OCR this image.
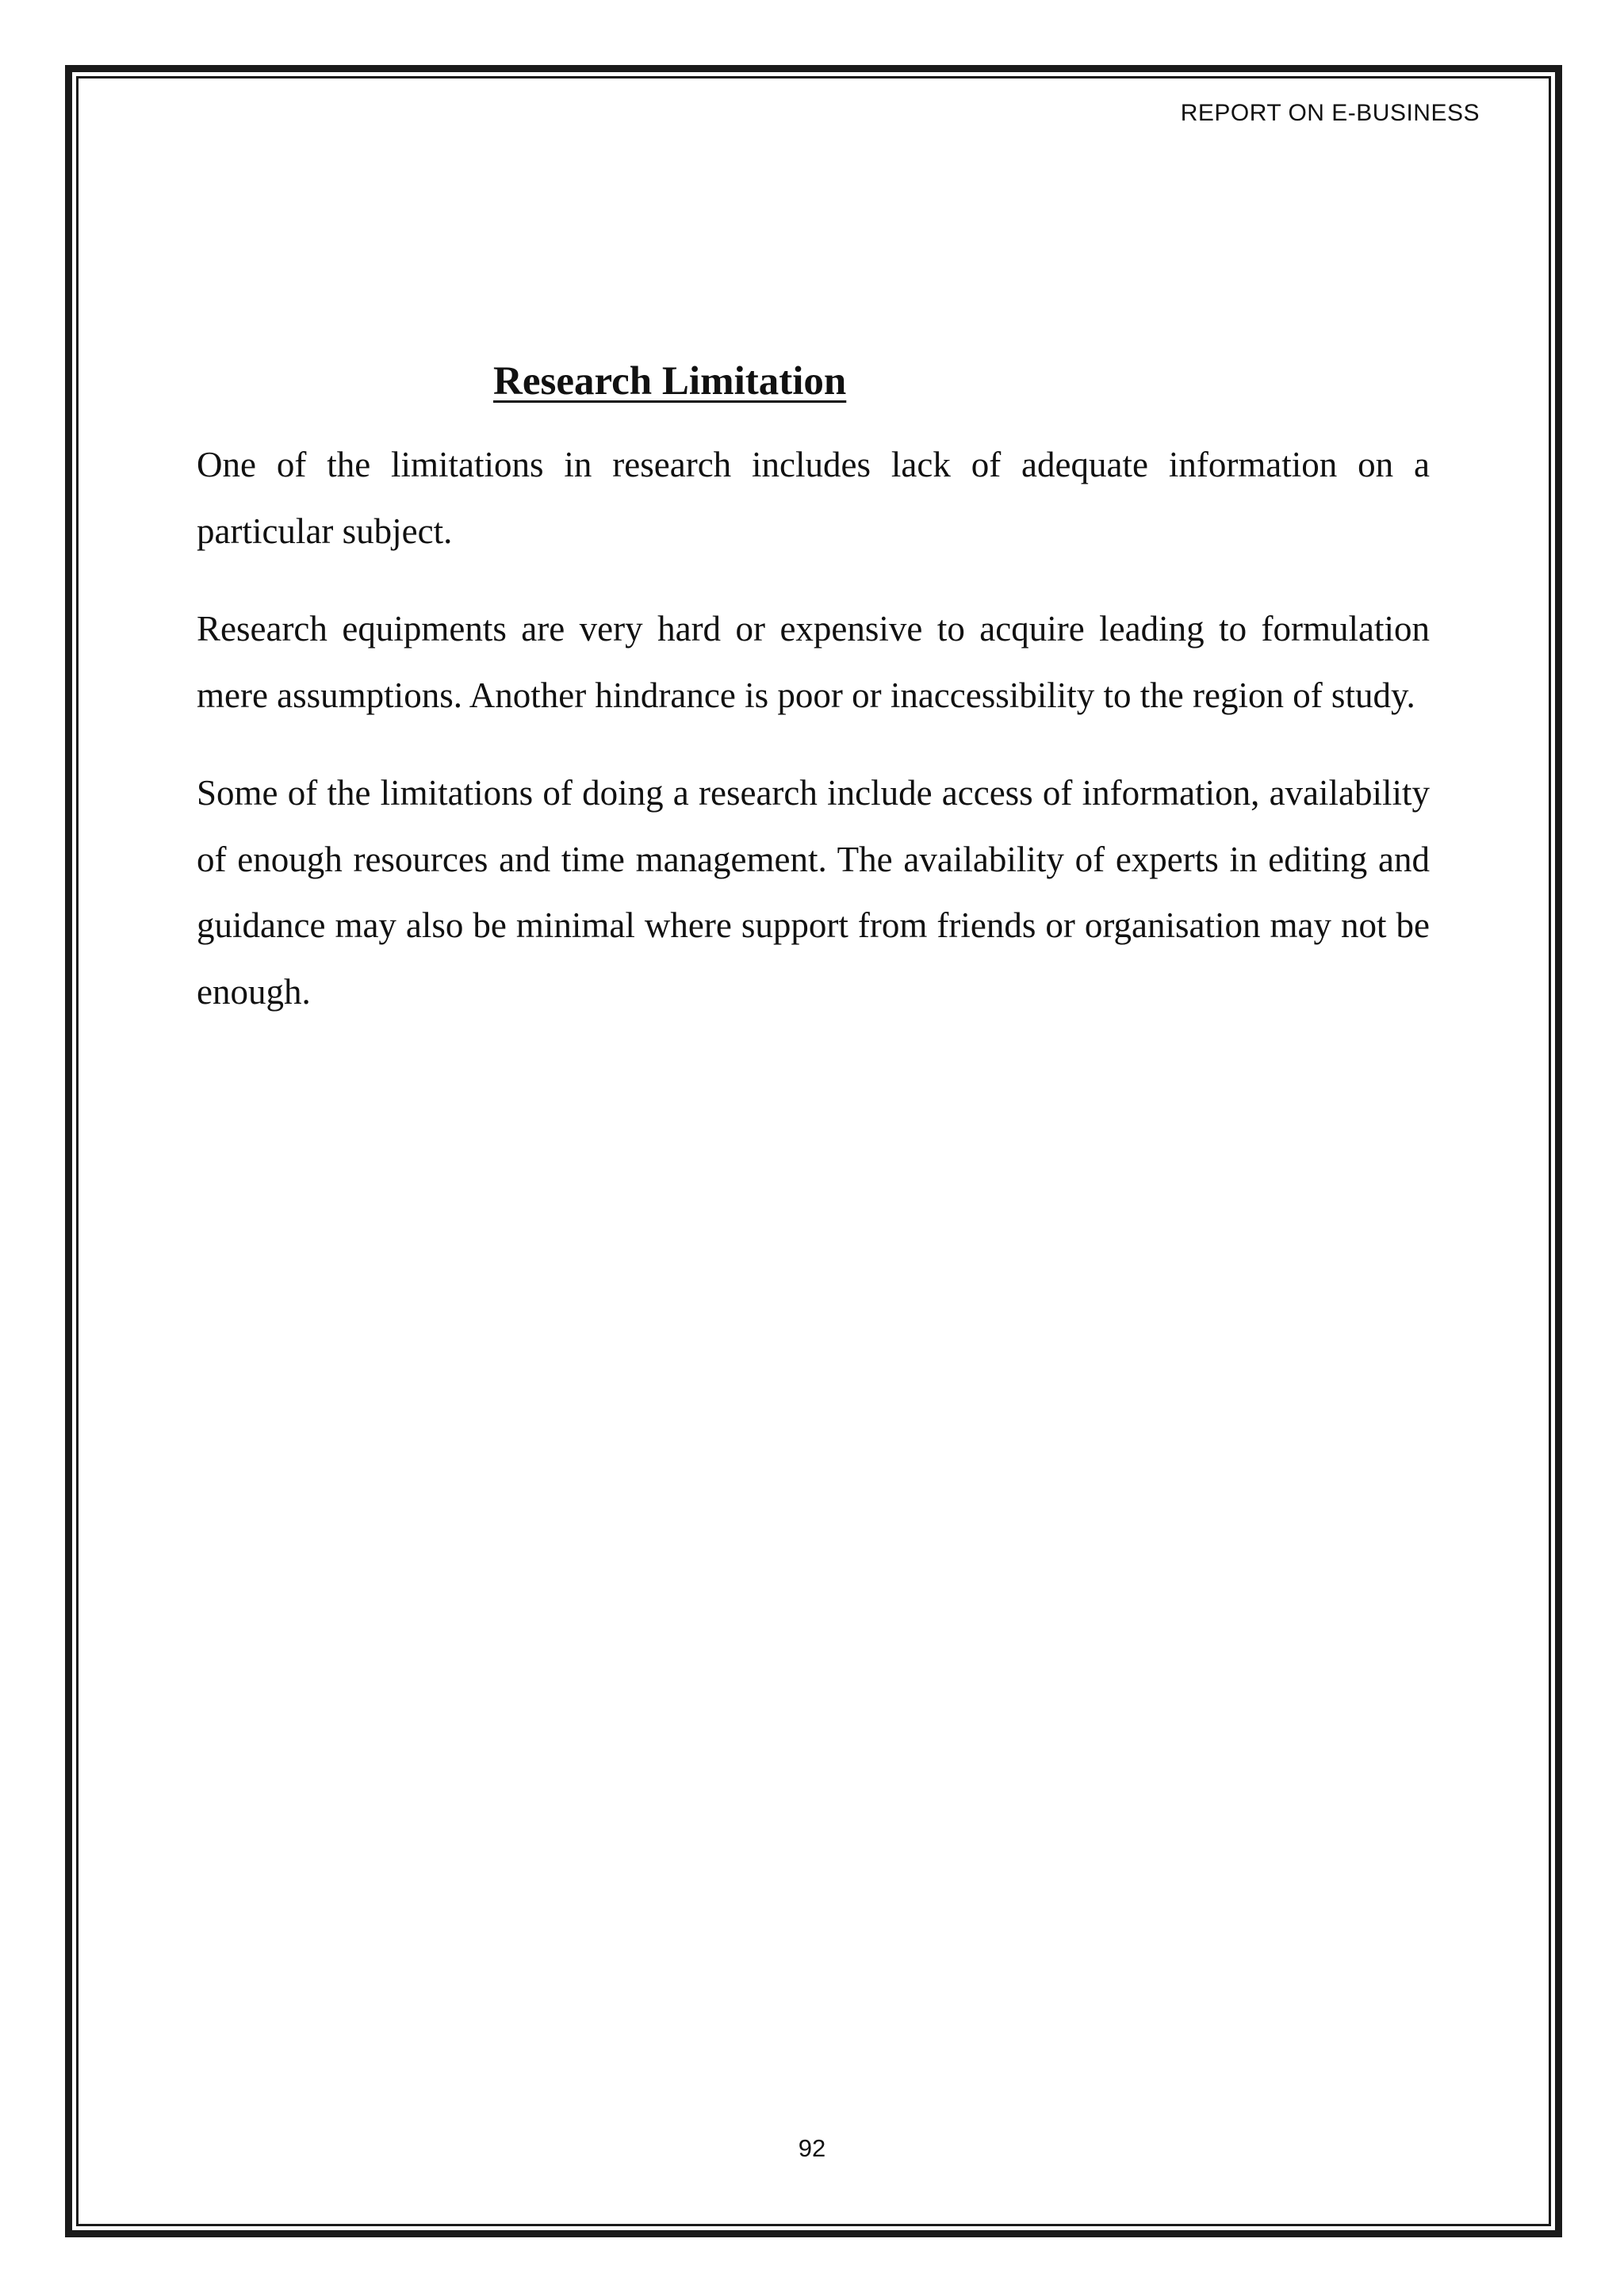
REPORT ON E-BUSINESS
Research Limitation

One of the limitations in research includes lack of adequate information on a particular subject.

Research equipments are very hard or expensive to acquire leading to formulation mere assumptions. Another hindrance is poor or inaccessibility to the region of study.

Some of the limitations of doing a research include access of information, availability of enough resources and time management. The availability of experts in editing and guidance may also be minimal where support from friends or organisation may not be enough.

92
